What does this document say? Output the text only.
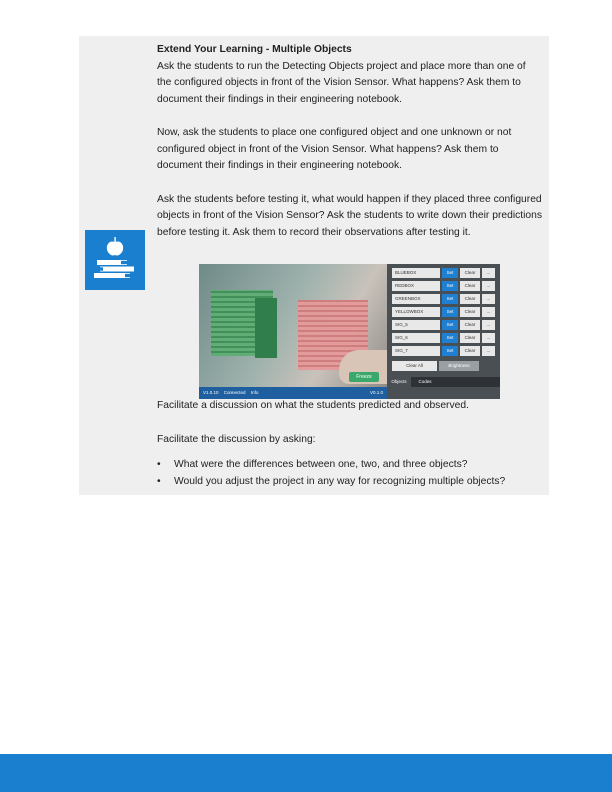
Extend Your Learning - Multiple Objects

Ask the students to run the Detecting Objects project and place more than one of the configured objects in front of the Vision Sensor. What happens? Ask them to document their findings in their engineering notebook.

Now, ask the students to place one configured object and one unknown or not configured object in front of the Vision Sensor. What happens? Ask them to document their findings in their engineering notebook.

Ask the students before testing it, what would happen if they placed three configured objects in front of the Vision Sensor? Ask the students to write down their predictions before testing it. Ask them to record their observations after testing it.

Freeze
V1.0.10 Connected Info	V0.1.0
BLUEBOX	Set	Clear	...
REDBOX	Set	Clear	...
GREENBOX	Set	Clear	...
YELLOWBOX	Set	Clear	...
SIG_5	Set	Clear	...
SIG_6	Set	Clear	...
SIG_7	Set	Clear	...
Clear All	Brightness
Objects	Codes

Facilitate a discussion on what the students predicted and observed.

Facilitate the discussion by asking:

• What were the differences between one, two, and three objects?
• Would you adjust the project in any way for recognizing multiple objects?
